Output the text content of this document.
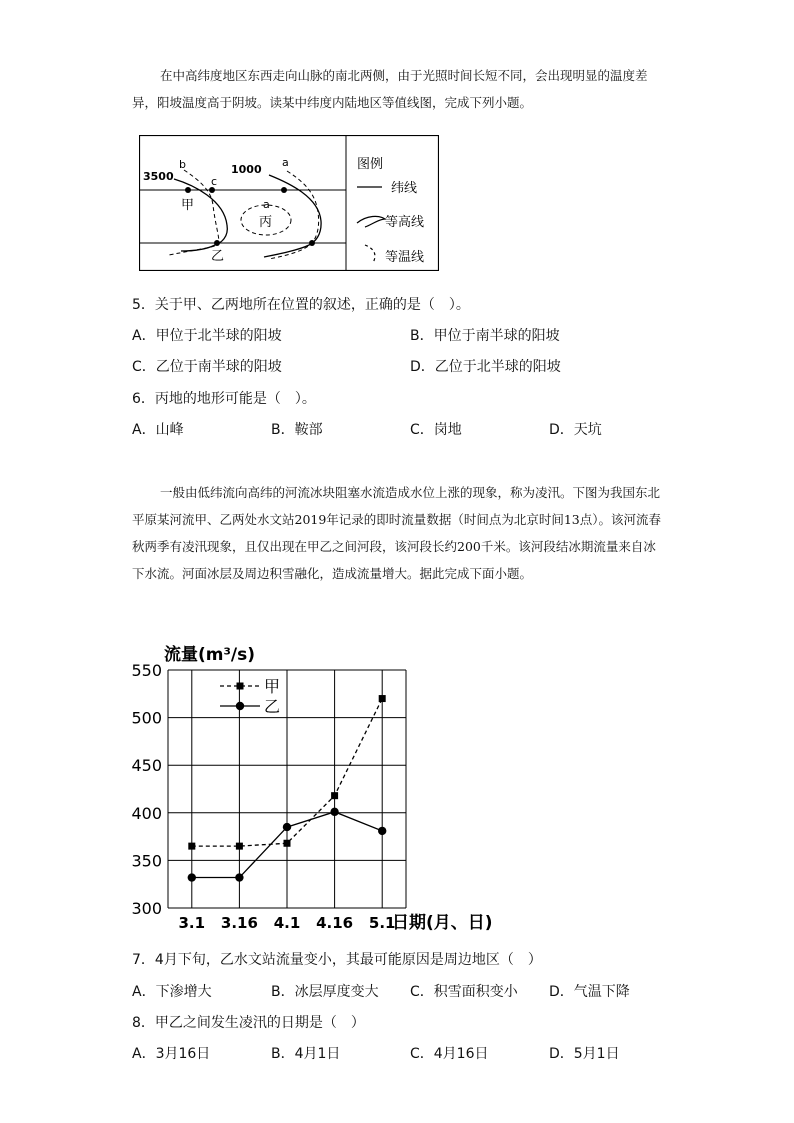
在中高纬度地区东西走向山脉的南北两侧，由于光照时间长短不同，会出现明显的温度差异，阳坡温度高于阴坡。读某中纬度内陆地区等值线图，完成下列小题。
3500
1000
b
c
a
a
甲
丙
乙
图例
纬线
等高线
等温线
5．关于甲、乙两地所在位置的叙述，正确的是（　）。
A．甲位于北半球的阳坡	B．甲位于南半球的阳坡
C．乙位于南半球的阳坡	D．乙位于北半球的阳坡
6．丙地的地形可能是（　）。
A．山峰	B．鞍部	C．岗地	D．天坑
一般由低纬流向高纬的河流冰块阻塞水流造成水位上涨的现象，称为凌汛。下图为我国东北平原某河流甲、乙两处水文站2019年记录的即时流量数据（时间点为北京时间13点）。该河流春秋两季有凌汛现象，且仅出现在甲乙之间河段，该河段长约200千米。该河段结冰期流量来自冰下水流。河面冰层及周边积雪融化，造成流量增大。据此完成下面小题。
300
350
400
450
500
550
3.1 3.16 4.1 4.16 5.1
流量(m³/s)
日期(月、日)
甲
乙
7．4月下旬，乙水文站流量变小，其最可能原因是周边地区（　）
A．下渗增大	B．冰层厚度变大 C．积雪面积变小 D．气温下降
8．甲乙之间发生凌汛的日期是（　）
A．3月16日	B．4月1日	C．4月16日	D．5月1日
